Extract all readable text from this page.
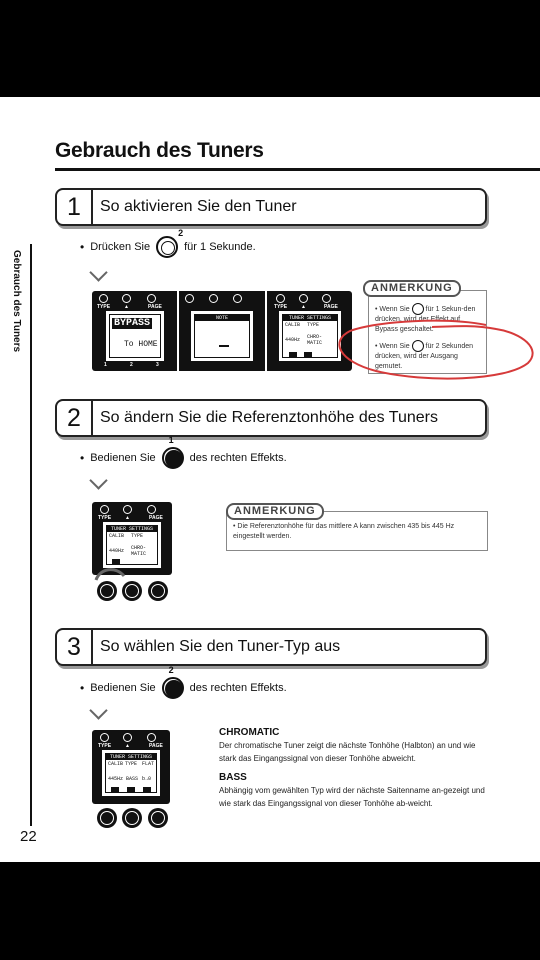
Gebrauch des Tuners
Gebrauch des Tuners
22
1	So aktivieren Sie den Tuner
• Drücken Sie
2
für 1 Sekunde.
TYPE	▲	PAGE
BYPASS
To HOME
1	2	3
NOTE
TYPE	▲	PAGE
TUNER SETTINGS
CALIB TYPE
440Hz CHRO-MATIC
• Wenn Sie für 1 Sekun-den drücken, wird der Effekt auf Bypass geschaltet.
• Wenn Sie für 2 Sekunden drücken, wird der Ausgang gemutet.
ANMERKUNG
2	So ändern Sie die Referenztonhöhe des Tuners
• Bedienen Sie
1
des rechten Effekts.
TYPE	▲	PAGE
TUNER SETTINGS
CALIB TYPE
440Hz CHRO-MATIC
• Die Referenztonhöhe für das mittlere A kann zwischen 435 bis 445 Hz eingestellt werden.
ANMERKUNG
3	So wählen Sie den Tuner-Typ aus
• Bedienen Sie
2
des rechten Effekts.
TYPE	▲	PAGE
TUNER SETTINGS
CALIB TYPE FLAT
445Hz BASS b→0
CHROMATIC
Der chromatische Tuner zeigt die nächste Tonhöhe (Halbton) an und wie stark das Eingangssignal von dieser Tonhöhe abweicht.
BASS
Abhängig vom gewählten Typ wird der nächste Saitenname an-gezeigt und wie stark das Eingangssignal von dieser Tonhöhe ab-weicht.
